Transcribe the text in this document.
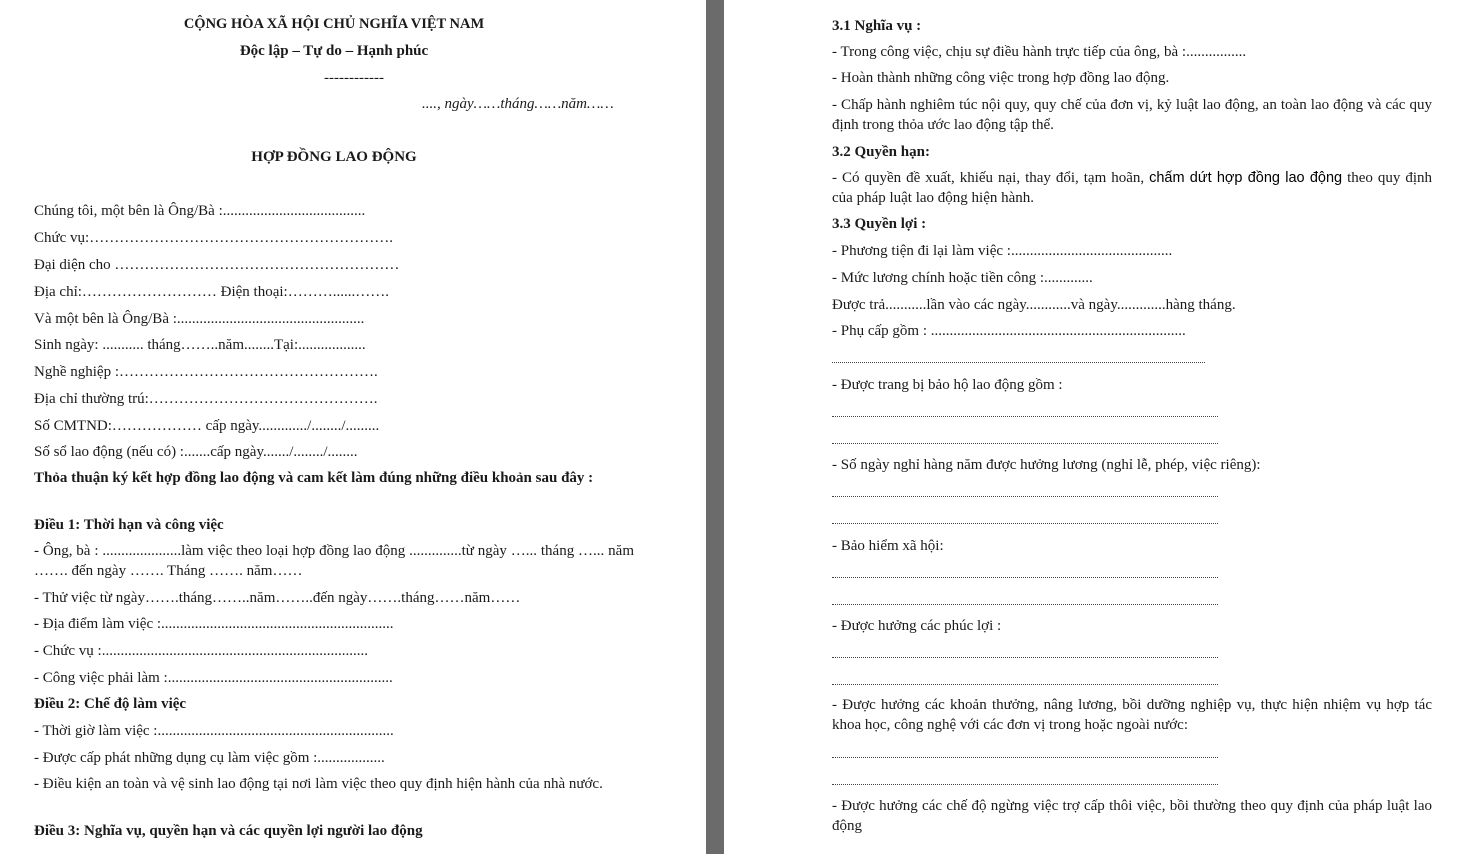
CỘNG HÒA XÃ HỘI CHỦ NGHĨA VIỆT NAM
Độc lập – Tự do – Hạnh phúc
------------
...., ngày……tháng……năm……
HỢP ĐỒNG LAO ĐỘNG
Chúng tôi, một bên là Ông/Bà :......................................
Chức vụ:…………………………………………………….
Đại diện cho …………………………………………………
Địa chỉ:……………………… Điện thoại:………......…….
Và một bên là Ông/Bà :..................................................
Sinh ngày: ........... tháng……..năm........Tại:..................
Nghề nghiệp :…………………………………………….
Địa chỉ thường trú:……………………………………….
Số CMTND:……………… cấp ngày............./......../.........
Số sổ lao động (nếu có) :.......cấp ngày......./......../........
Thỏa thuận ký kết hợp đồng lao động và cam kết làm đúng những điều khoản sau đây :
Điều 1: Thời hạn và công việc
- Ông, bà : .....................làm việc theo loại hợp đồng lao động ..............từ ngày …... tháng …... năm ……. đến ngày ……. Tháng ……. năm……
- Thử việc từ ngày…….tháng……..năm……..đến ngày…….tháng……năm……
- Địa điểm làm việc :..............................................................
- Chức vụ :.......................................................................
- Công việc phải làm :............................................................
Điều 2: Chế độ làm việc
- Thời giờ làm việc :...............................................................
- Được cấp phát những dụng cụ làm việc gồm :..................
- Điều kiện an toàn và vệ sinh lao động tại nơi làm việc theo quy định hiện hành của nhà nước.
Điều 3: Nghĩa vụ, quyền hạn và các quyền lợi người lao động
3.1 Nghĩa vụ :
- Trong công việc, chịu sự điều hành trực tiếp của ông, bà :................
- Hoàn thành những công việc trong hợp đồng lao động.
- Chấp hành nghiêm túc nội quy, quy chế của đơn vị, kỷ luật lao động, an toàn lao động và các quy định trong thỏa ước lao động tập thể.
3.2 Quyền hạn:
- Có quyền đề xuất, khiếu nại, thay đổi, tạm hoãn, chấm dứt hợp đồng lao động theo quy định của pháp luật lao động hiện hành.
3.3 Quyền lợi :
- Phương tiện đi lại làm việc :...........................................
- Mức lương chính hoặc tiền công :.............
Được trả...........lần vào các ngày............và ngày.............hàng tháng.
- Phụ cấp gồm : ....................................................................
- Được trang bị bảo hộ lao động gồm :
- Số ngày nghỉ hàng năm được hưởng lương (nghỉ lễ, phép, việc riêng):
- Bảo hiểm xã hội:
- Được hưởng các phúc lợi :
- Được hưởng các khoản thưởng, nâng lương, bồi dưỡng nghiệp vụ, thực hiện nhiệm vụ hợp tác khoa học, công nghệ với các đơn vị trong hoặc ngoài nước:
- Được hưởng các chế độ ngừng việc trợ cấp thôi việc, bồi thường theo quy định của pháp luật lao động
